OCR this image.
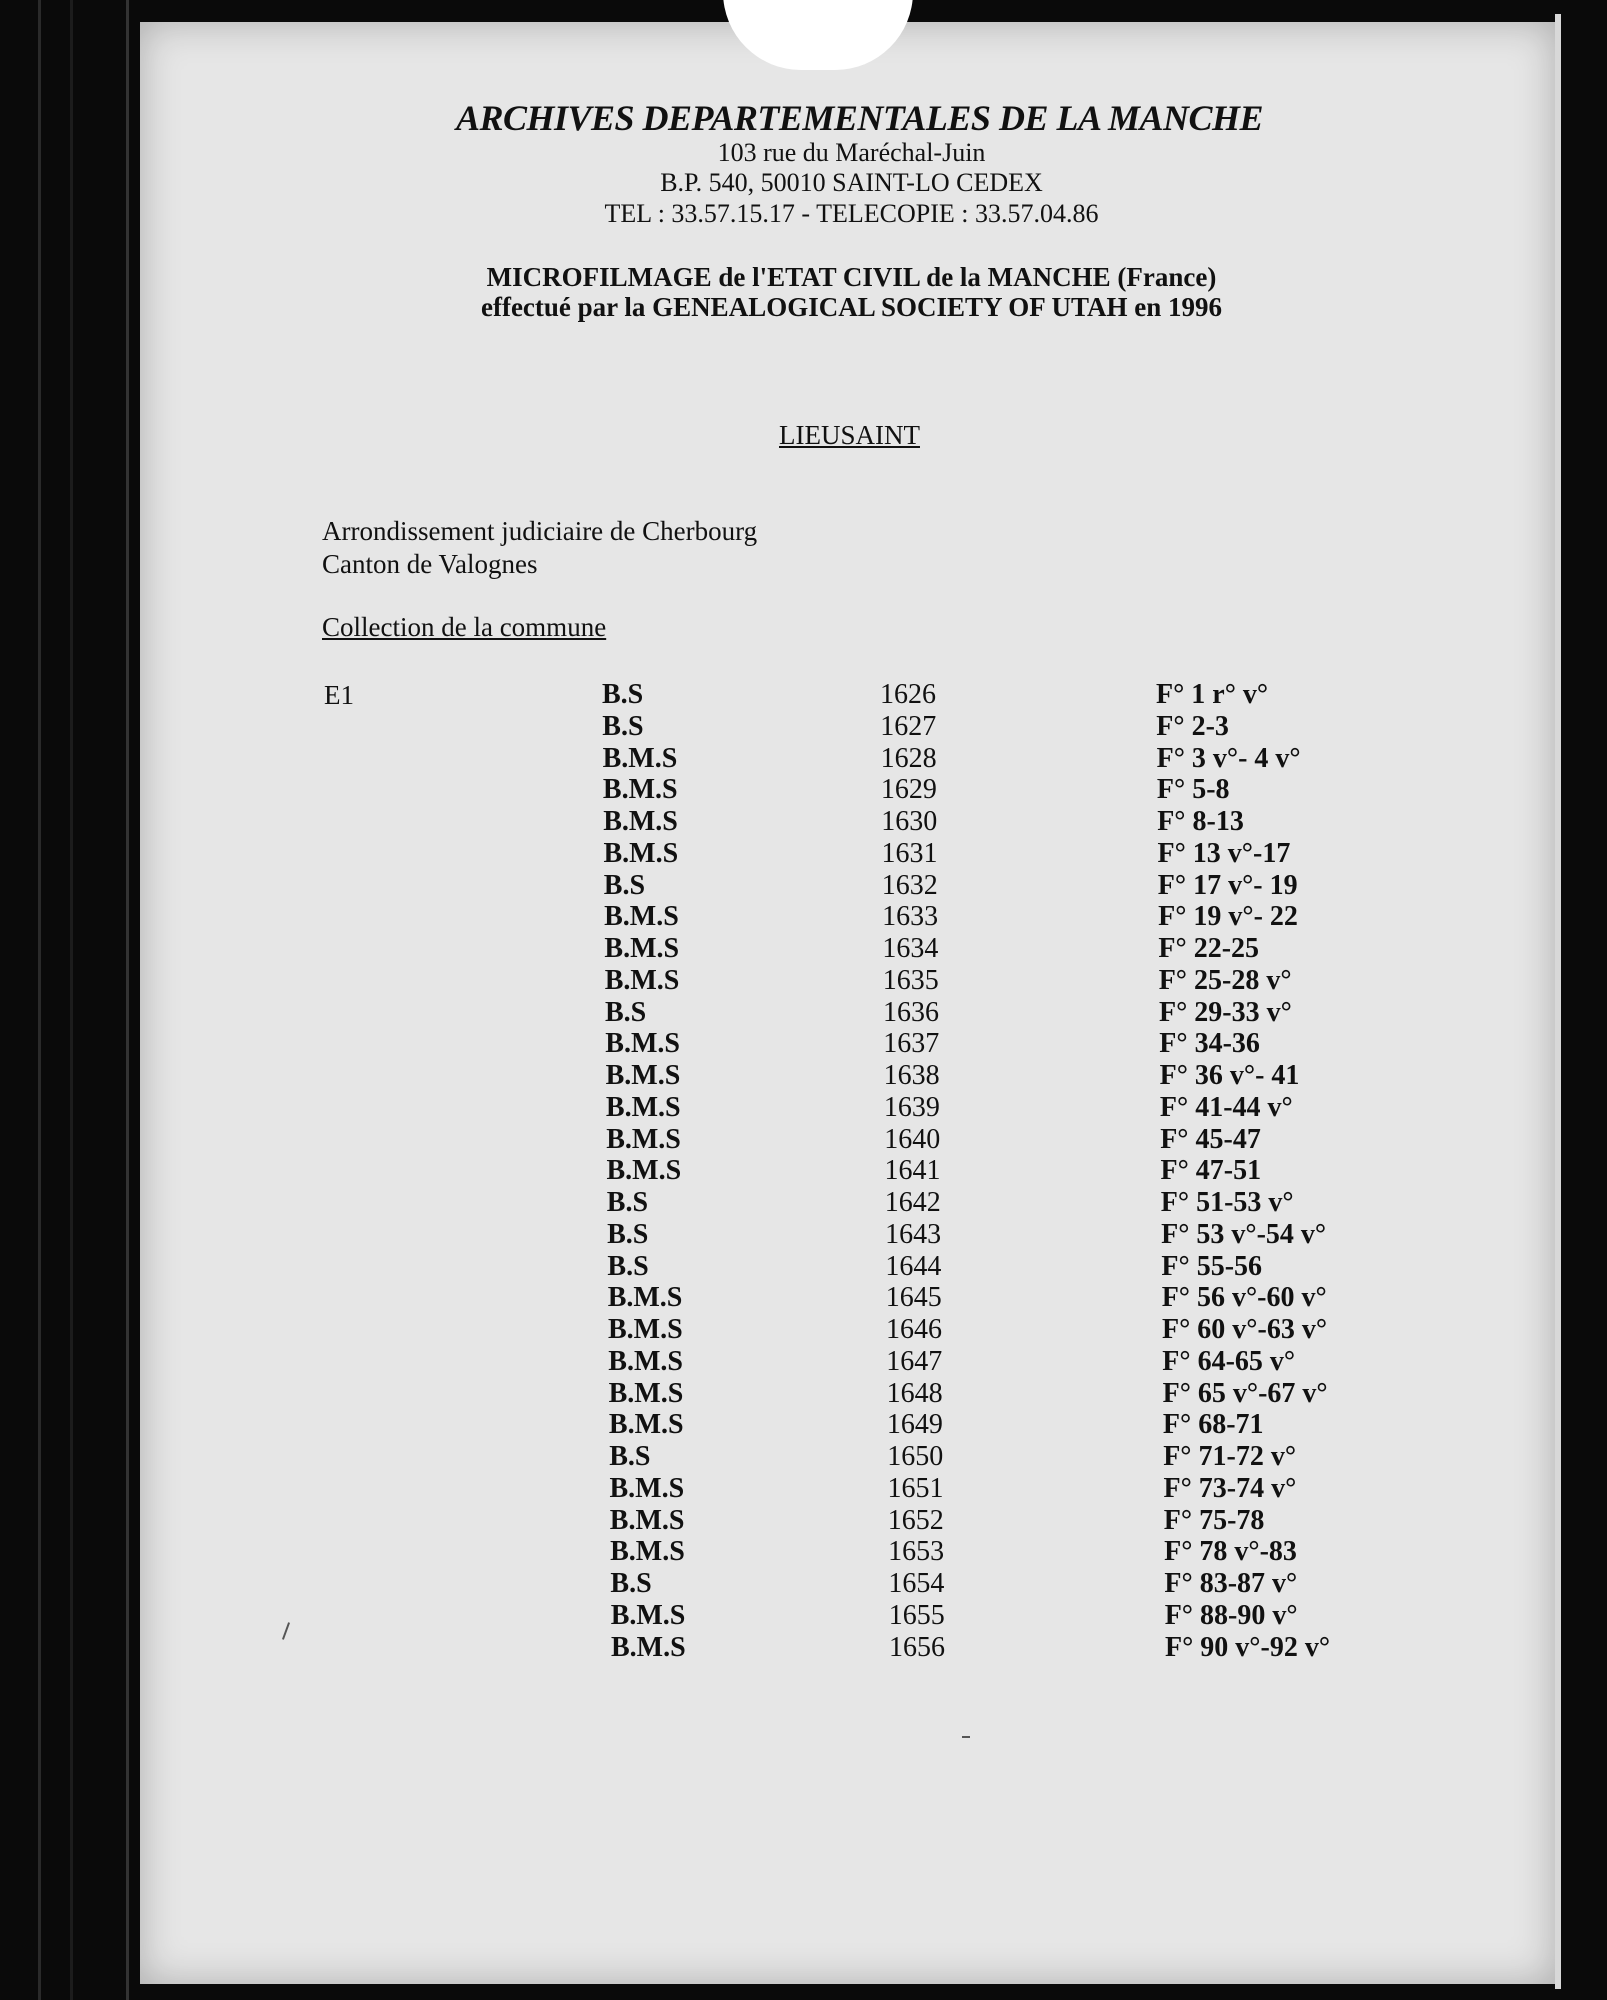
ARCHIVES DEPARTEMENTALES DE LA MANCHE
103 rue du Maréchal-Juin
B.P. 540, 50010 SAINT-LO CEDEX
TEL : 33.57.15.17 - TELECOPIE : 33.57.04.86
MICROFILMAGE de l'ETAT CIVIL de la MANCHE (France)
effectué par la GENEALOGICAL SOCIETY OF UTAH en 1996
LIEUSAINT
Arrondissement judiciaire de Cherbourg
Canton de Valognes
Collection de la commune
E1	B.S	1626	F° 1 r° v°
B.S	1627	F° 2-3
B.M.S	1628	F° 3 v°- 4 v°
B.M.S	1629	F° 5-8
B.M.S	1630	F° 8-13
B.M.S	1631	F° 13 v°-17
B.S	1632	F° 17 v°- 19
B.M.S	1633	F° 19 v°- 22
B.M.S	1634	F° 22-25
B.M.S	1635	F° 25-28 v°
B.S	1636	F° 29-33 v°
B.M.S	1637	F° 34-36
B.M.S	1638	F° 36 v°- 41
B.M.S	1639	F° 41-44 v°
B.M.S	1640	F° 45-47
B.M.S	1641	F° 47-51
B.S	1642	F° 51-53 v°
B.S	1643	F° 53 v°-54 v°
B.S	1644	F° 55-56
B.M.S	1645	F° 56 v°-60 v°
B.M.S	1646	F° 60 v°-63 v°
B.M.S	1647	F° 64-65 v°
B.M.S	1648	F° 65 v°-67 v°
B.M.S	1649	F° 68-71
B.S	1650	F° 71-72 v°
B.M.S	1651	F° 73-74 v°
B.M.S	1652	F° 75-78
B.M.S	1653	F° 78 v°-83
B.S	1654	F° 83-87 v°
B.M.S	1655	F° 88-90 v°
B.M.S	1656	F° 90 v°-92 v°
